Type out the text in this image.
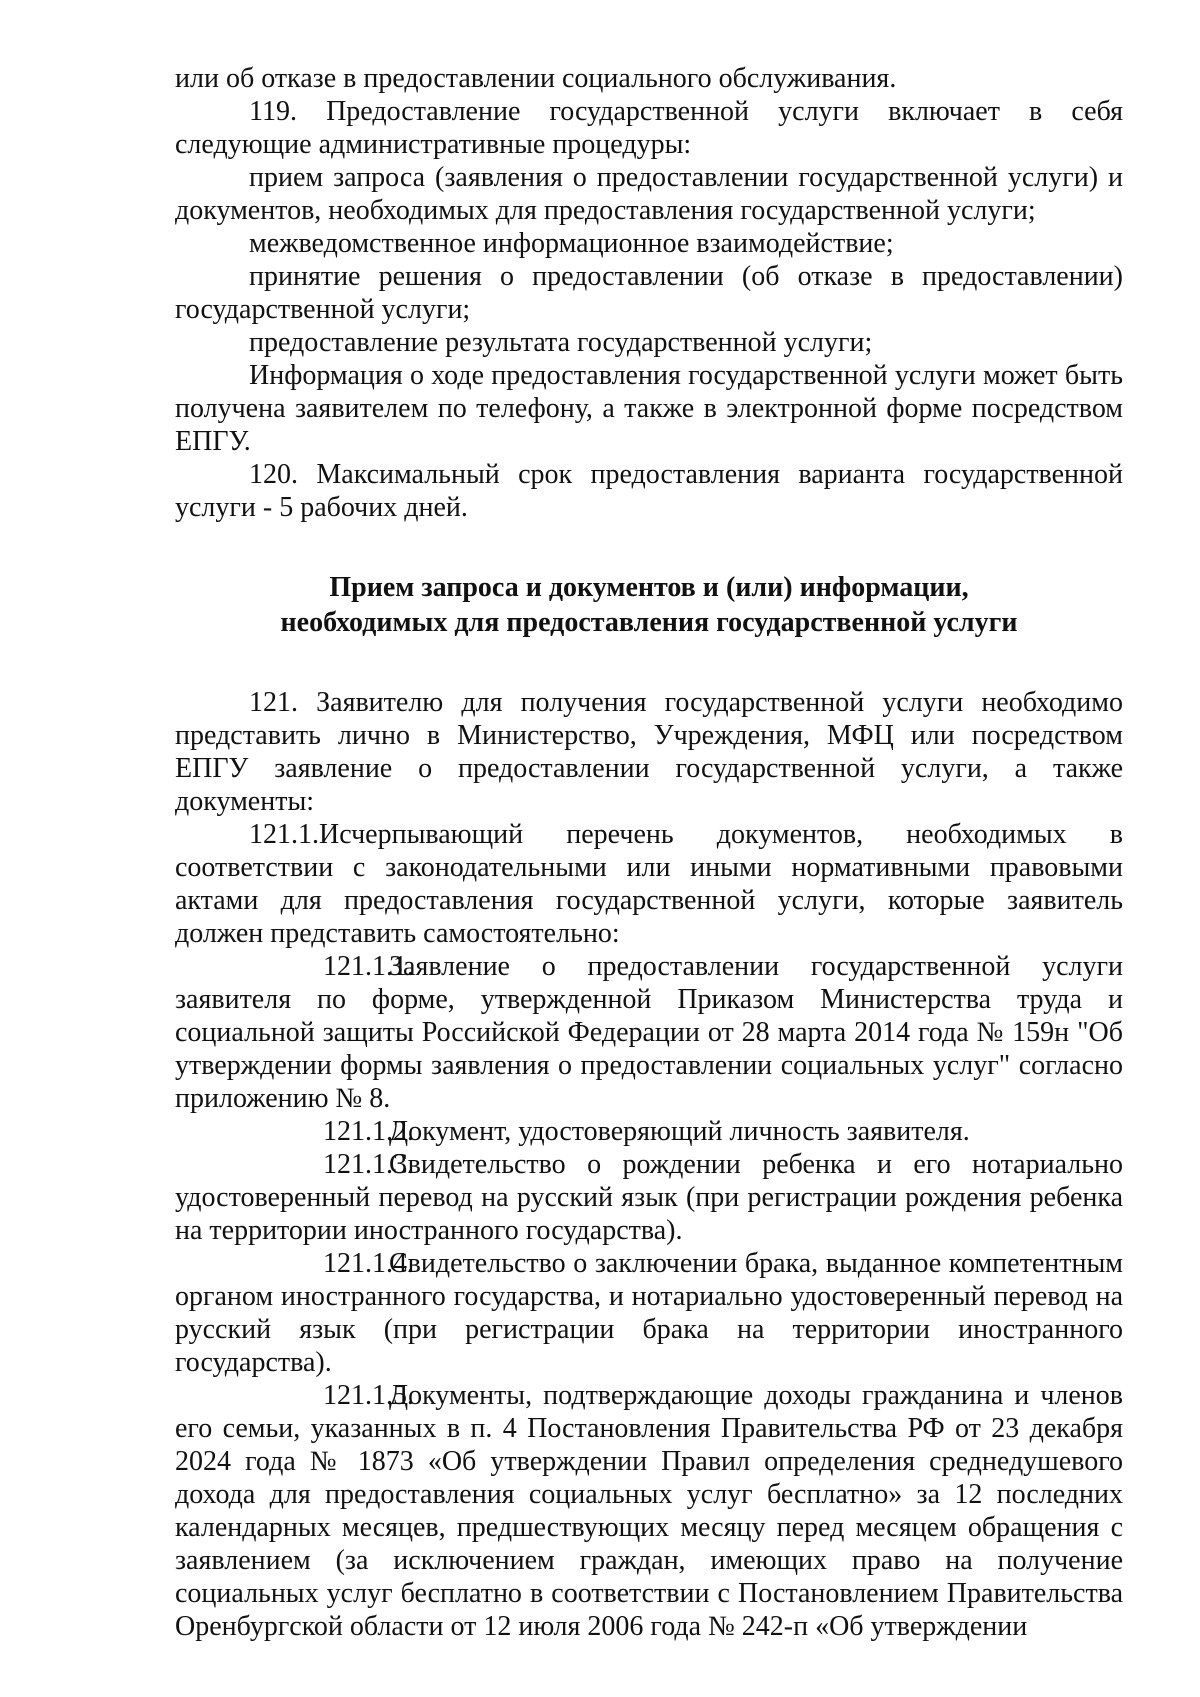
или об отказе в предоставлении социального обслуживания.

119. Предоставление государственной услуги включает в себя следующие административные процедуры:

прием запроса (заявления о предоставлении государственной услуги) и документов, необходимых для предоставления государственной услуги;

межведомственное информационное взаимодействие;

принятие решения о предоставлении (об отказе в предоставлении) государственной услуги;

предоставление результата государственной услуги;

Информация о ходе предоставления государственной услуги может быть получена заявителем по телефону, а также в электронной форме посредством ЕПГУ.

120. Максимальный срок предоставления варианта государственной услуги - 5 рабочих дней.

Прием запроса и документов и (или) информации,

необходимых для предоставления государственной услуги

121. Заявителю для получения государственной услуги необходимо представить лично в Министерство, Учреждения, МФЦ или посредством ЕПГУ заявление о предоставлении государственной услуги, а также документы:

121.1.Исчерпывающий перечень документов, необходимых в соответствии с законодательными или иными нормативными правовыми актами для предоставления государственной услуги, которые заявитель должен представить самостоятельно:

121.1.1.Заявление о предоставлении государственной услуги заявителя по форме, утвержденной Приказом Министерства труда и социальной защиты Российской Федерации от 28 марта 2014 года № 159н "Об утверждении формы заявления о предоставлении социальных услуг" согласно приложению № 8.

121.1.2.Документ, удостоверяющий личность заявителя.

121.1.3.Свидетельство о рождении ребенка и его нотариально удостоверенный перевод на русский язык (при регистрации рождения ребенка на территории иностранного государства).

121.1.4.Свидетельство о заключении брака, выданное компетентным органом иностранного государства, и нотариально удостоверенный перевод на русский язык (при регистрации брака на территории иностранного государства).

121.1.5.Документы, подтверждающие доходы гражданина и членов его семьи, указанных в п. 4 Постановления Правительства РФ от 23 декабря 2024 года № 1873 «Об утверждении Правил определения среднедушевого дохода для предоставления социальных услуг бесплатно» за 12 последних календарных месяцев, предшествующих месяцу перед месяцем обращения с заявлением (за исключением граждан, имеющих право на получение социальных услуг бесплатно в соответствии с Постановлением Правительства Оренбургской области от 12 июля 2006 года № 242-п «Об утверждении
